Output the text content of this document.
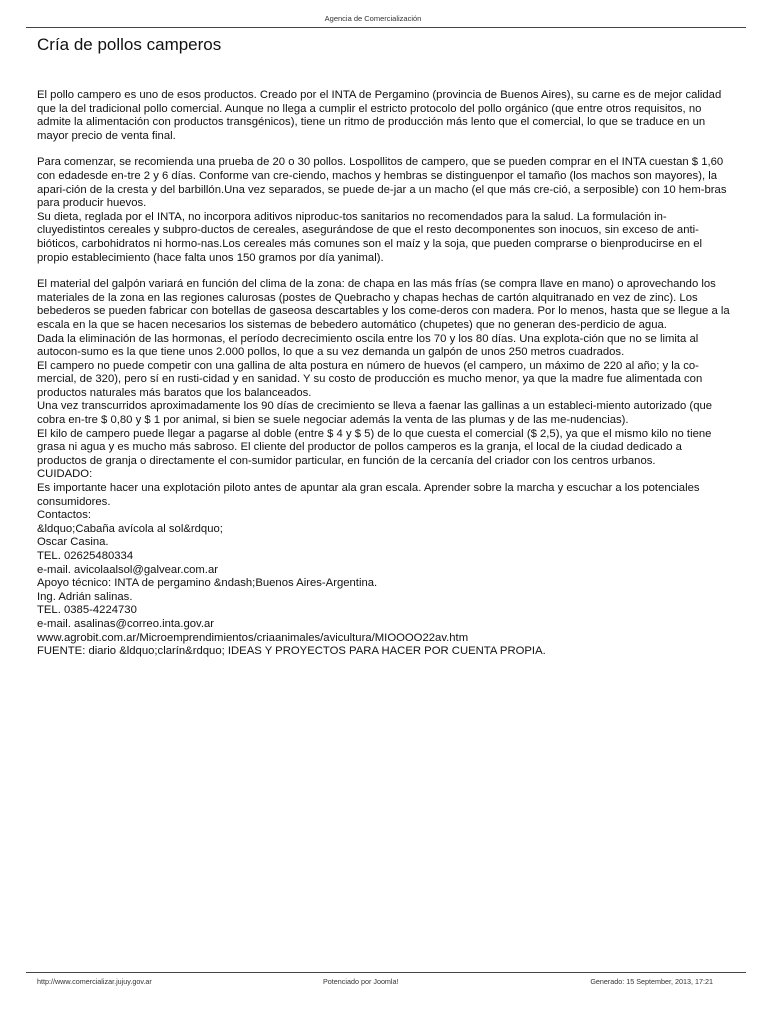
Agencia de Comercialización
Cría de pollos camperos

El pollo campero es uno de esos productos. Creado por el INTA de Pergamino (provincia de Buenos Aires), su carne es de mejor calidad que la del tradicional pollo comercial. Aunque no llega a cumplir el estricto protocolo del pollo orgánico (que entre otros requisitos, no admite la alimentación con productos transgénicos), tiene un ritmo de producción más lento que el comercial, lo que se traduce en un mayor precio de venta final.

Para comenzar, se recomienda una prueba de 20 o 30 pollos. Lospollitos de campero, que se pueden comprar en el INTA cuestan $ 1,60 con edadesde en-tre 2 y 6 días. Conforme van cre-ciendo, machos y hembras se distinguenpor el tamaño (los machos son mayores), la apari-ción de la cresta y del barbillón.Una vez separados, se puede de-jar a un macho (el que más cre-ció, a serposible) con 10 hem-bras para producir huevos.

Su dieta, reglada por el INTA, no incorpora aditivos niproduc-tos sanitarios no recomendados para la salud. La formulación in-cluyedistintos cereales y subpro-ductos de cereales, asegurándose de que el resto decomponentes son inocuos, sin exceso de anti-bióticos, carbohidratos ni hormo-nas.Los cereales más comunes son el maíz y la soja, que pueden comprarse o bienproducirse en el propio establecimiento (hace falta unos 150 gramos por día yanimal).

El material del galpón variará en función del clima de la zona: de chapa en las más frías (se compra llave en mano) o aprovechando los materiales de la zona en las regiones calurosas (postes de Quebracho y chapas hechas de cartón alquitranado en vez de zinc). Los bebederos se pueden fabricar con botellas de gaseosa descartables y los come-deros con madera. Por lo menos, hasta que se llegue a la escala en la que se hacen necesarios los sistemas de bebedero automático (chupetes) que no generan des-perdicio de agua.

Dada la eliminación de las hormonas, el período decrecimiento oscila entre los 70 y los 80 días. Una explota-ción que no se limita al autocon-sumo es la que tiene unos 2.000 pollos, lo que a su vez demanda un galpón de unos 250 metros cuadrados.

El campero no puede competir con una gallina de alta postura en número de huevos (el campero, un máximo de 220 al año; y la co-mercial, de 320), pero sí en rusti-cidad y en sanidad. Y su costo de producción es mucho menor, ya que la madre fue alimentada con productos naturales más baratos que los balanceados.

Una vez transcurridos aproximadamente los 90 días de crecimiento se lleva a faenar las gallinas a un estableci-miento autorizado (que cobra en-tre $ 0,80 y $ 1 por animal, si bien se suele negociar además la venta de las plumas y de las me-nudencias).

El kilo de campero puede llegar a pagarse al doble (entre $ 4 y $ 5) de lo que cuesta el comercial ($ 2,5), ya que el mismo kilo no tiene grasa ni agua y es mucho más sabroso. El cliente del productor de pollos camperos es la granja, el local de la ciudad dedicado a productos de granja o directamente el con-sumidor particular, en función de la cercanía del criador con los centros urbanos.

CUIDADO:

Es importante hacer una explotación piloto antes de apuntar ala gran escala. Aprender sobre la marcha y escuchar a los potenciales consumidores.

Contactos:

&ldquo;Cabaña avícola al sol&rdquo;

Oscar Casina.

TEL. 02625480334

e-mail. avicolaalsol@galvear.com.ar

Apoyo técnico: INTA de pergamino &ndash;Buenos Aires-Argentina.

Ing. Adrián salinas.

TEL. 0385-4224730

e-mail. asalinas@correo.inta.gov.ar

www.agrobit.com.ar/Microemprendimientos/criaanimales/avicultura/MIOOOO22av.htm

FUENTE: diario &ldquo;clarín&rdquo; IDEAS Y PROYECTOS PARA HACER POR CUENTA PROPIA.

http://www.comercializar.jujuy.gov.ar	Potenciado por Joomla!	Generado: 15 September, 2013, 17:21
